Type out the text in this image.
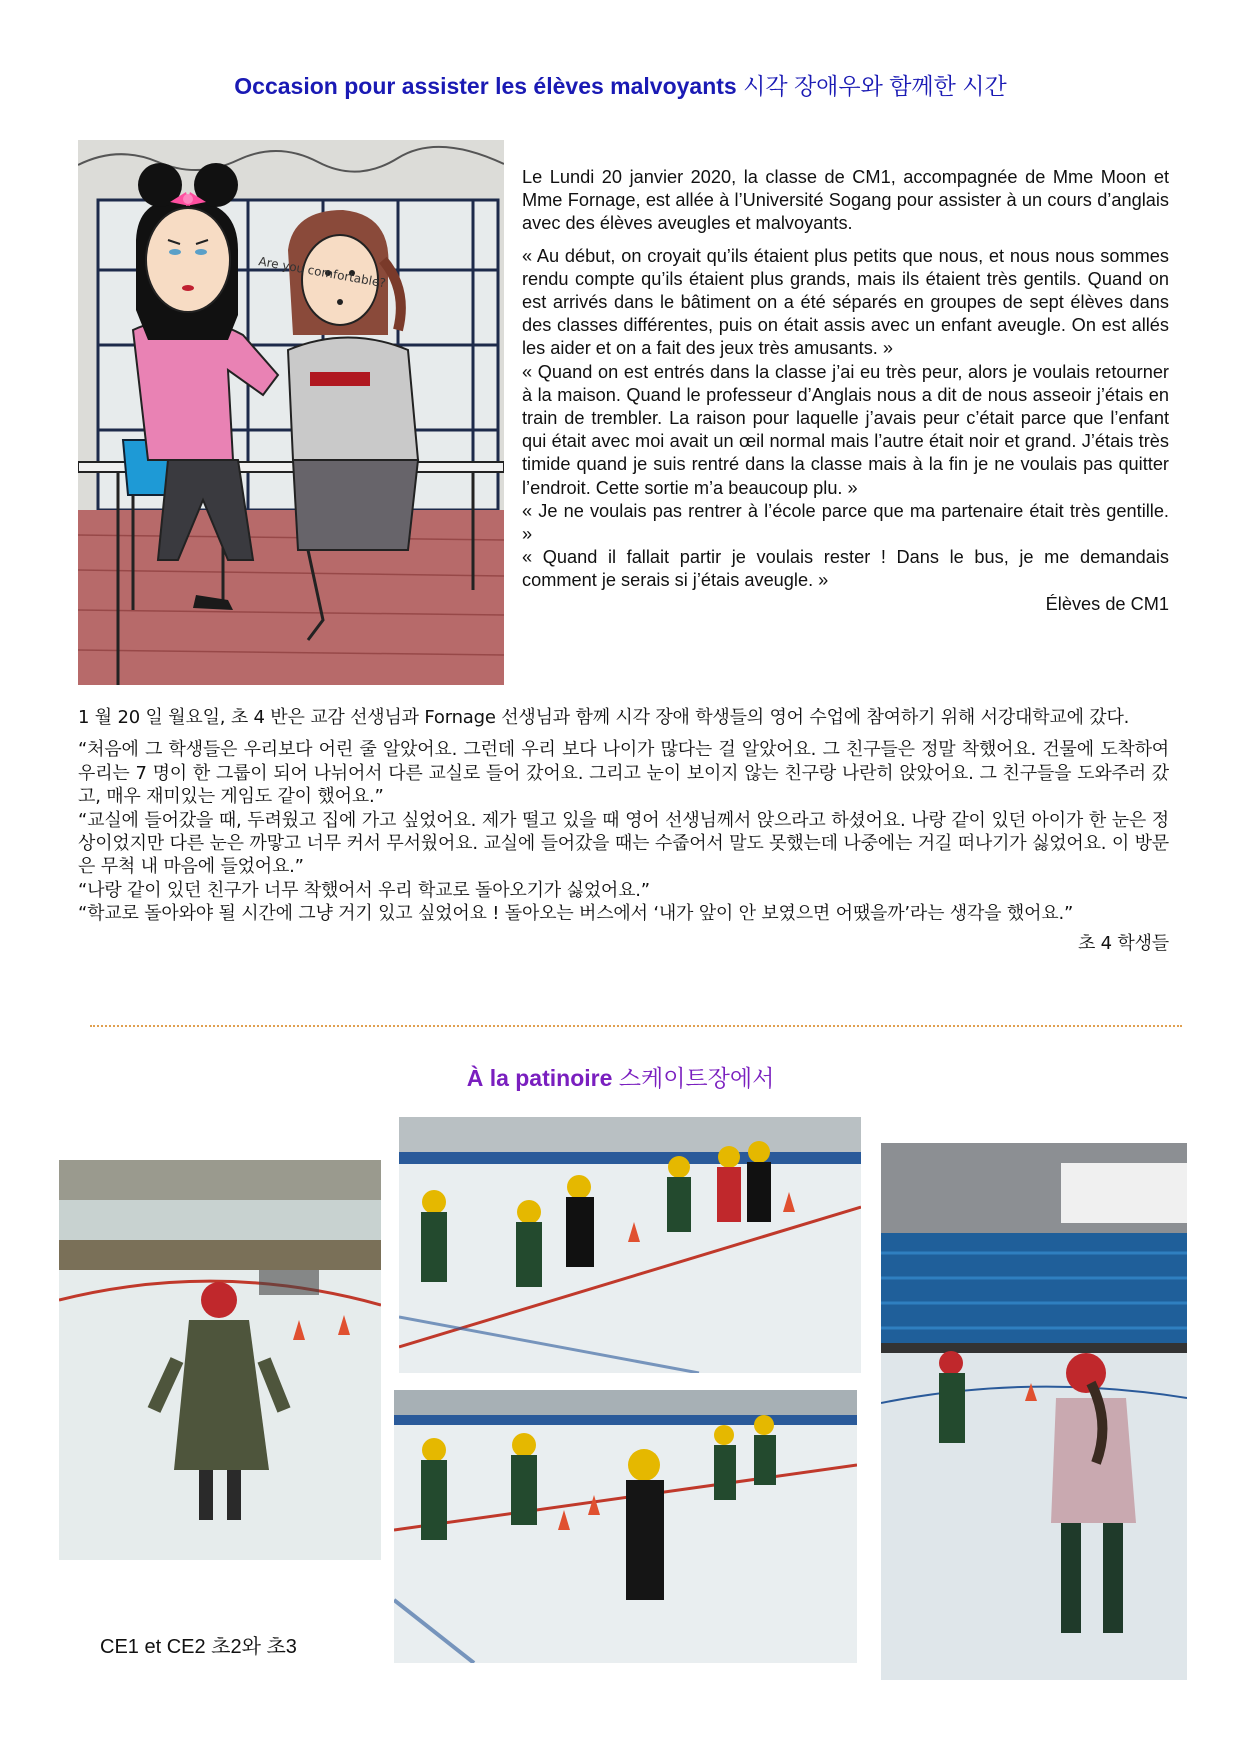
Occasion pour assister les élèves malvoyants 시각 장애우와 함께한 시간
Are you comfortable?

Le Lundi 20 janvier 2020, la classe de CM1, accompagnée de Mme Moon et Mme Fornage, est allée à l’Université Sogang pour assister à un cours d’anglais avec des élèves aveugles et malvoyants.

« Au début, on croyait qu’ils étaient plus petits que nous, et nous nous sommes rendu compte qu’ils étaient plus grands, mais ils étaient très gentils. Quand on est arrivés dans le bâtiment on a été séparés en groupes de sept élèves dans des classes différentes, puis on était assis avec un enfant aveugle. On est allés les aider et on a fait des jeux très amusants. »

« Quand on est entrés dans la classe j’ai eu très peur, alors je voulais retourner à la maison. Quand le professeur d’Anglais nous a dit de nous asseoir j’étais en train de trembler. La raison pour laquelle j’avais peur c’était parce que l’enfant qui était avec moi avait un œil normal mais l’autre était noir et grand. J’étais très timide quand je suis rentré dans la classe mais à la fin je ne voulais pas quitter l’endroit. Cette sortie m’a beaucoup plu. »

« Je ne voulais pas rentrer à l’école parce que ma partenaire était très gentille. »

« Quand il fallait partir je voulais rester ! Dans le bus, je me demandais comment je serais si j’étais aveugle. »

Élèves de CM1

1 월 20 일 월요일, 초 4 반은 교감 선생님과 Fornage 선생님과 함께 시각 장애 학생들의 영어 수업에 참여하기 위해 서강대학교에 갔다.

“처음에 그 학생들은 우리보다 어린 줄 알았어요. 그런데 우리 보다 나이가 많다는 걸 알았어요. 그 친구들은 정말 착했어요. 건물에 도착하여 우리는 7 명이 한 그룹이 되어 나뉘어서 다른 교실로 들어 갔어요. 그리고 눈이 보이지 않는 친구랑 나란히 앉았어요. 그 친구들을 도와주러 갔고, 매우 재미있는 게임도 같이 했어요.”

“교실에 들어갔을 때, 두려웠고 집에 가고 싶었어요. 제가 떨고 있을 때 영어 선생님께서 앉으라고 하셨어요. 나랑 같이 있던 아이가 한 눈은 정상이었지만 다른 눈은 까맣고 너무 커서 무서웠어요. 교실에 들어갔을 때는 수줍어서 말도 못했는데 나중에는 거길 떠나기가 싫었어요. 이 방문은 무척 내 마음에 들었어요.”

“나랑 같이 있던 친구가 너무 착했어서 우리 학교로 돌아오기가 싫었어요.”

“학교로 돌아와야 될 시간에 그냥 거기 있고 싶었어요 ! 돌아오는 버스에서 ‘내가 앞이 안 보였으면 어땠을까’라는 생각을 했어요.”

초 4 학생들

À la patinoire 스케이트장에서
CE1 et CE2 초2와 초3
